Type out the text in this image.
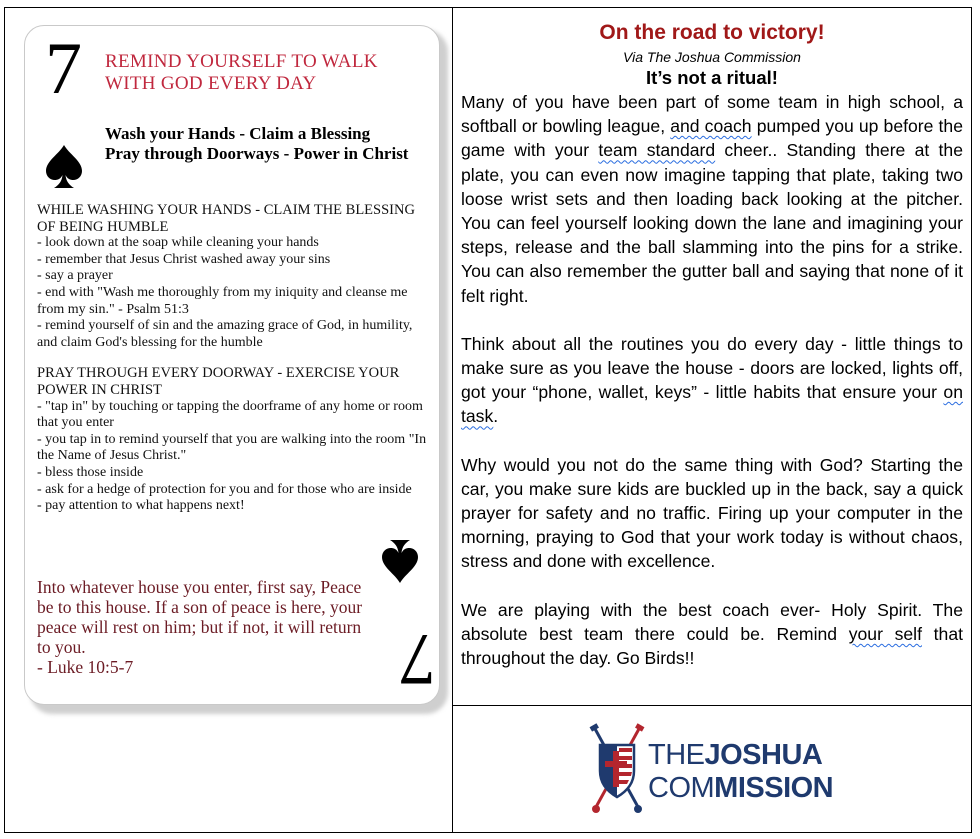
7 REMIND YOURSELF TO WALK WITH GOD EVERY DAY
Wash your Hands - Claim a Blessing
Pray through Doorways - Power in Christ

WHILE WASHING YOUR HANDS - CLAIM THE BLESSING OF BEING HUMBLE

- look down at the soap while cleaning your hands

- remember that Jesus Christ washed away your sins

- say a prayer

- end with "Wash me thoroughly from my iniquity and cleanse me from my sin." - Psalm 51:3

- remind yourself of sin and the amazing grace of God, in humility, and claim God's blessing for the humble

PRAY THROUGH EVERY DOORWAY - EXERCISE YOUR POWER IN CHRIST

- "tap in" by touching or tapping the doorframe of any home or room that you enter

- you tap in to remind yourself that you are walking into the room "In the Name of Jesus Christ."

- bless those inside

- ask for a hedge of protection for you and for those who are inside

- pay attention to what happens next!

Into whatever house you enter, first say, Peace be to this house. If a son of peace is here, your peace will rest on him; but if not, it will return to you.
- Luke 10:5-7	7
On the road to victory!

Via The Joshua Commission

It’s not a ritual!

Many of you have been part of some team in high school, a softball or bowling league, and coach pumped you up before the game with your team standard cheer.. Standing there at the plate, you can even now imagine tapping that plate, taking two loose wrist sets and then loading back looking at the pitcher. You can feel yourself looking down the lane and imagining your steps, release and the ball slamming into the pins for a strike. You can also remember the gutter ball and saying that none of it felt right.

Think about all the routines you do every day - little things to make sure as you leave the house - doors are locked, lights off, got your “phone, wallet, keys” - little habits that ensure your on task.

Why would you not do the same thing with God? Starting the car, you make sure kids are buckled up in the back, say a quick prayer for safety and no traffic. Firing up your computer in the morning, praying to God that your work today is without chaos, stress and done with excellence.

We are playing with the best coach ever- Holy Spirit. The absolute best team there could be. Remind your self that throughout the day. Go Birds!!

THEJOSHUA
COMMISSION
